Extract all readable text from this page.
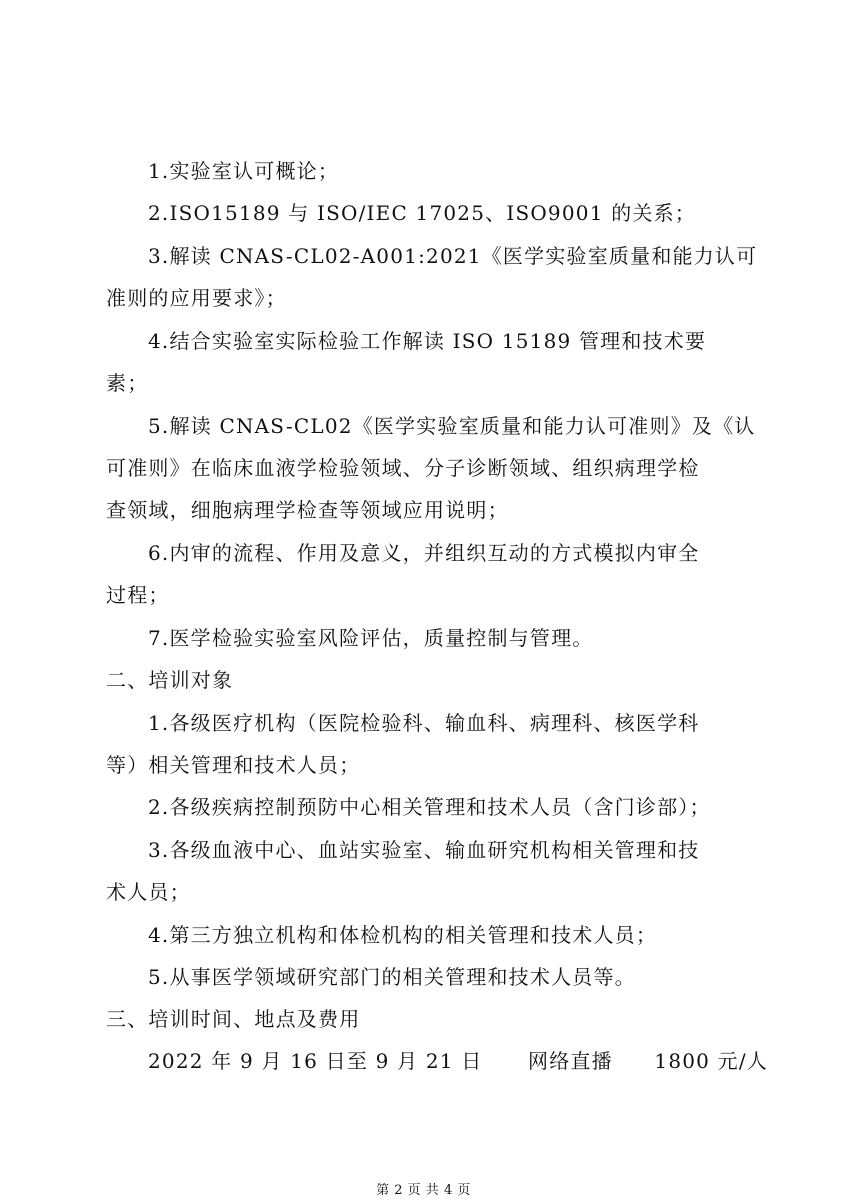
1.实验室认可概论；
2.ISO15189 与 ISO/IEC 17025、ISO9001 的关系；
3.解读 CNAS-CL02-A001:2021《医学实验室质量和能力认可
准则的应用要求》；
4.结合实验室实际检验工作解读 ISO 15189 管理和技术要
素；
5.解读 CNAS-CL02《医学实验室质量和能力认可准则》及《认
可准则》在临床血液学检验领域、分子诊断领域、组织病理学检
查领域，细胞病理学检查等领域应用说明；
6.内审的流程、作用及意义，并组织互动的方式模拟内审全
过程；
7.医学检验实验室风险评估，质量控制与管理。
二、培训对象
1.各级医疗机构（医院检验科、输血科、病理科、核医学科
等）相关管理和技术人员；
2.各级疾病控制预防中心相关管理和技术人员（含门诊部）；
3.各级血液中心、血站实验室、输血研究机构相关管理和技
术人员；
4.第三方独立机构和体检机构的相关管理和技术人员；
5.从事医学领域研究部门的相关管理和技术人员等。
三、培训时间、地点及费用
2022 年 9 月 16 日至 9 月 21 日 网络直播 1800 元/人
第 2 页 共 4 页
